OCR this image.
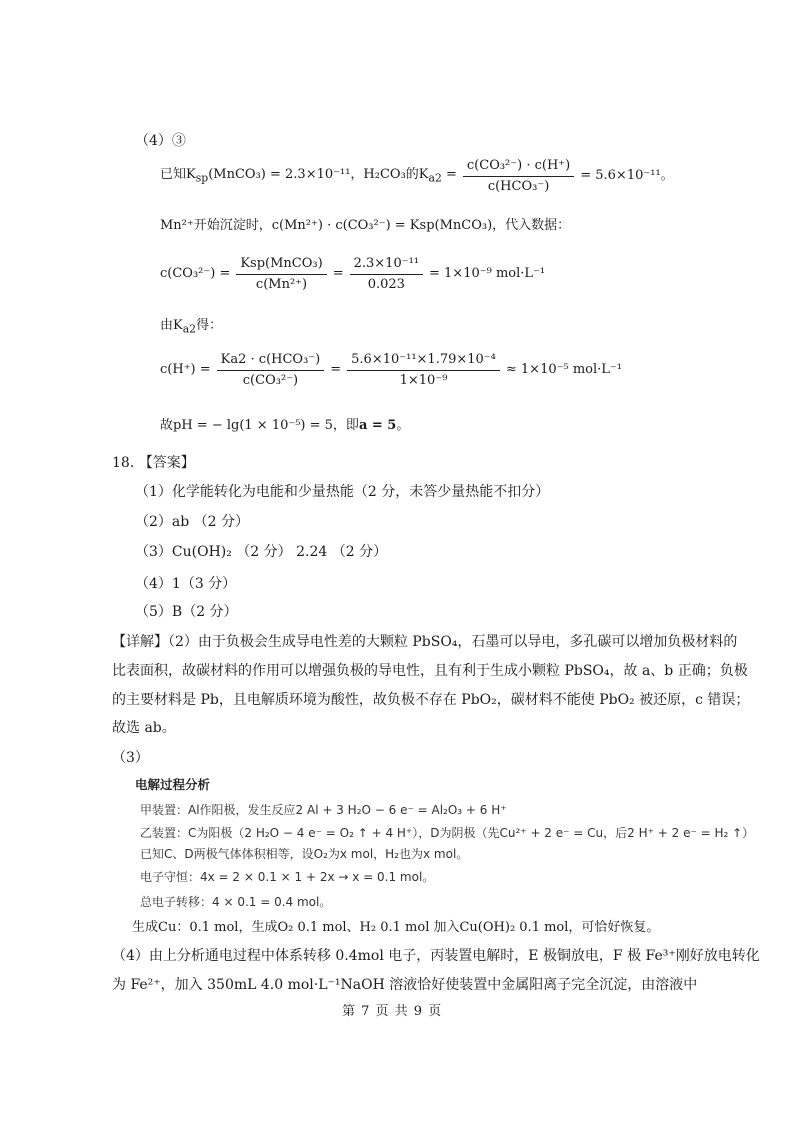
（4）③
已知$K_{sp}(MnCO_3) = 2.3\times 10^{-11}$，H₂CO₃的$K_{a2} = \frac{\text{c(CO₃²⁻) · c(H⁺)}}{\text{c(HCO₃⁻)}} = 5.6\times 10^{-11}$。
Mn²⁺开始沉淀时，c(Mn²⁺) · c(CO₃²⁻) = Ksp(MnCO₃)，代入数据：
$c(CO_3^{2-}) = \frac{\text{Ksp(MnCO₃)}}{\text{c(Mn²⁺)}} = \frac{\text{2.3×10⁻¹¹}}{0.023} = 1\times 10^{-9}$ mol·L⁻¹
由$K_{a2}$得：
$c(H^+) = \frac{\text{Ka2 · c(HCO₃⁻)}}{\text{c(CO₃²⁻)}} = \frac{\text{5.6×10⁻¹¹×1.79×10⁻⁴}}{\text{1×10⁻⁹}} \approx 1\times 10^{-5}$ mol·L⁻¹
故pH = − lg(1 × 10⁻⁵) = 5，即a = 5。
18. 【答案】
（1）化学能转化为电能和少量热能（2 分，未答少量热能不扣分）
（2）ab （2 分）
（3）Cu(OH)₂ （2 分） 2.24 （2 分）
（4）1（3 分）
（5）B（2 分）
【详解】（2）由于负极会生成导电性差的大颗粒 PbSO₄，石墨可以导电，多孔碳可以增加负极材料的
比表面积，故碳材料的作用可以增强负极的导电性，且有利于生成小颗粒 PbSO₄，故 a、b 正确；负极
的主要材料是 Pb，且电解质环境为酸性，故负极不存在 PbO₂，碳材料不能使 PbO₂ 被还原，c 错误；
故选 ab。
（3）
电解过程分析
甲装置：Al作阳极，发生反应2 Al + 3 H₂O − 6 e⁻ = Al₂O₃ + 6 H⁺
乙装置：C为阳极（2 H₂O − 4 e⁻ = O₂ ↑ + 4 H⁺），D为阴极（先Cu²⁺ + 2 e⁻ = Cu，后2 H⁺ + 2 e⁻ = H₂ ↑）
已知C、D两极气体体积相等，设O₂为x mol，H₂也为x mol。
电子守恒：4x = 2 × 0.1 × 1 + 2x → x = 0.1 mol。
总电子转移：4 × 0.1 = 0.4 mol。
生成Cu：0.1 mol，生成O₂ 0.1 mol、H₂ 0.1 mol 加入Cu(OH)₂ 0.1 mol，可恰好恢复。
（4）由上分析通电过程中体系转移 0.4mol 电子，丙装置电解时，E 极铜放电，F 极 Fe³⁺刚好放电转化
为 Fe²⁺，加入 350mL 4.0 mol·L⁻¹NaOH 溶液恰好使装置中金属阳离子完全沉淀，由溶液中
第 7 页 共 9 页
